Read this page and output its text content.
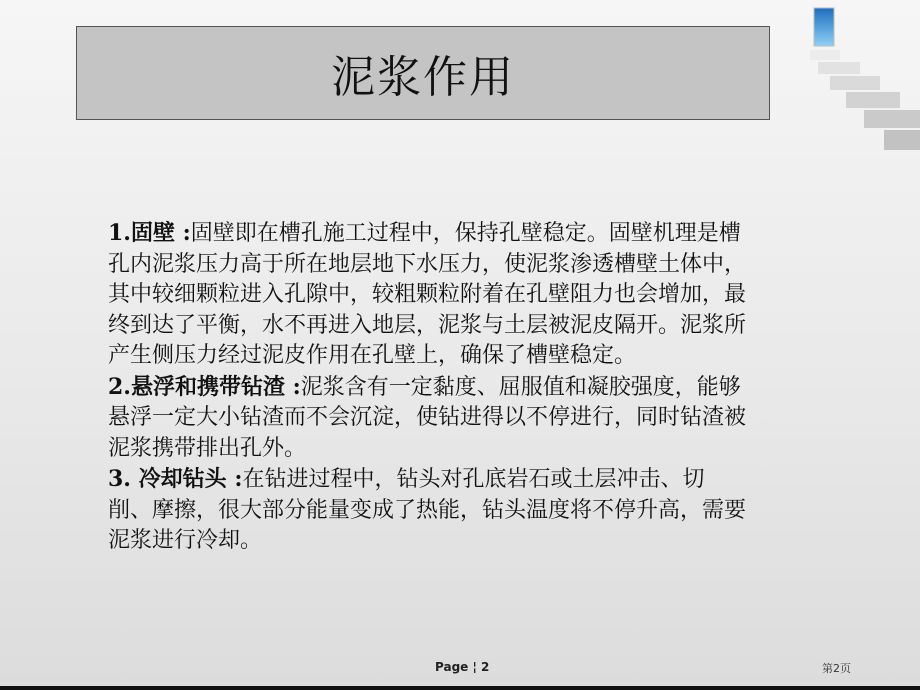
泥浆作用

1.固壁 :固壁即在槽孔施工过程中，保持孔壁稳定。固壁机理是槽孔内泥浆压力高于所在地层地下水压力，使泥浆渗透槽壁土体中，其中较细颗粒进入孔隙中，较粗颗粒附着在孔壁阻力也会增加，最终到达了平衡，水不再进入地层，泥浆与土层被泥皮隔开。泥浆所产生侧压力经过泥皮作用在孔壁上，确保了槽壁稳定。

2.悬浮和携带钻渣 :泥浆含有一定黏度、屈服值和凝胶强度，能够悬浮一定大小钻渣而不会沉淀，使钻进得以不停进行，同时钻渣被泥浆携带排出孔外。

3. 冷却钻头 :在钻进过程中，钻头对孔底岩石或土层冲击、切削、摩擦，很大部分能量变成了热能，钻头温度将不停升高，需要泥浆进行冷却。

Page ¦ 2	第2页
